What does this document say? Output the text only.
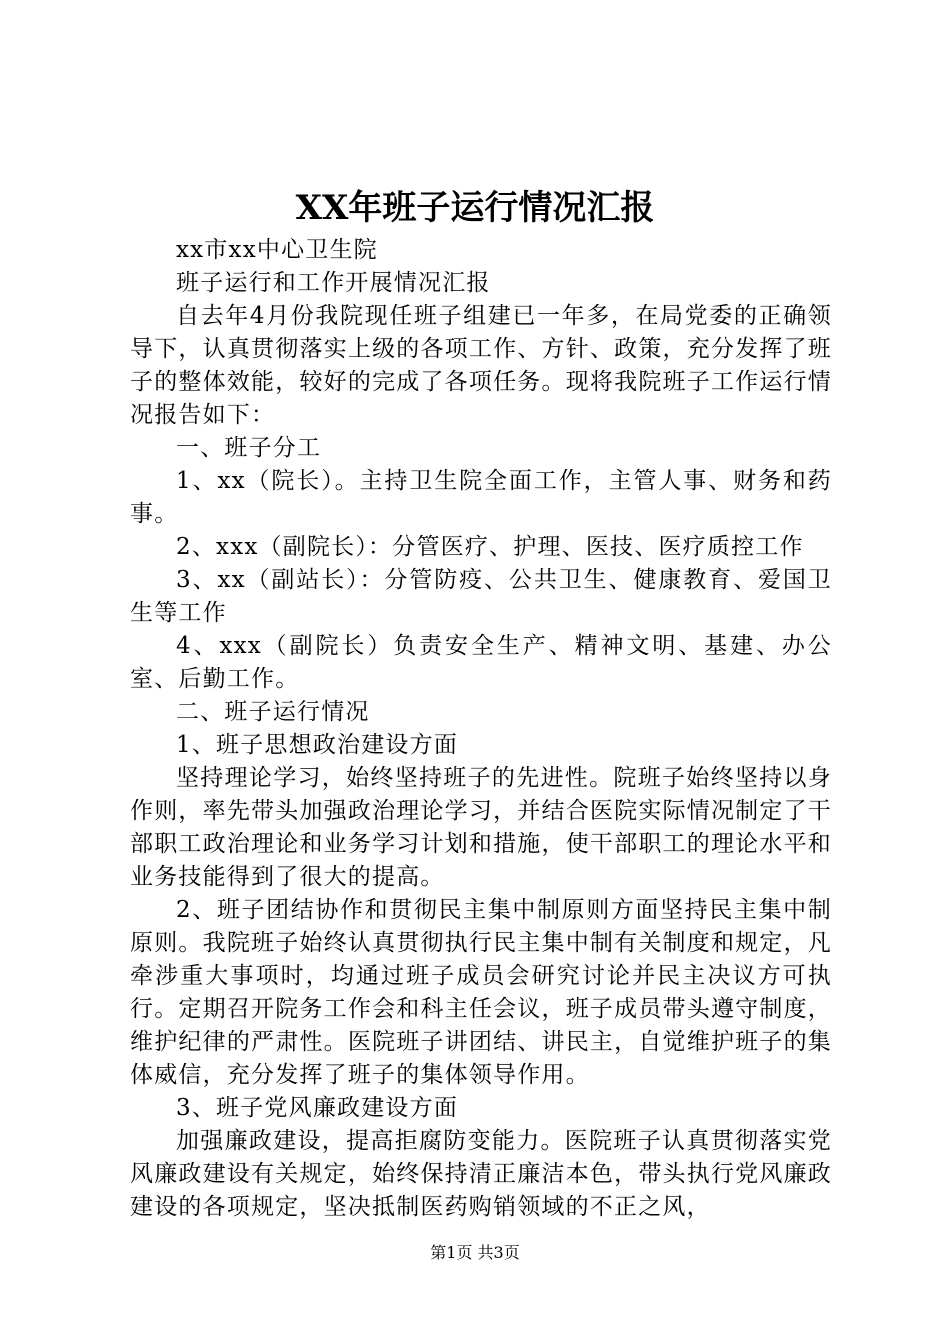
XX年班子运行情况汇报

xx市xx中心卫生院

班子运行和工作开展情况汇报

自去年4月份我院现任班子组建已一年多，在局党委的正确领导下，认真贯彻落实上级的各项工作、方针、政策，充分发挥了班子的整体效能，较好的完成了各项任务。现将我院班子工作运行情况报告如下：

一、班子分工

1、xx（院长）。主持卫生院全面工作，主管人事、财务和药事。

2、xxx（副院长）：分管医疗、护理、医技、医疗质控工作

3、xx（副站长）：分管防疫、公共卫生、健康教育、爱国卫生等工作

4、xxx（副院长）负责安全生产、精神文明、基建、办公室、后勤工作。

二、班子运行情况

1、班子思想政治建设方面

坚持理论学习，始终坚持班子的先进性。院班子始终坚持以身作则，率先带头加强政治理论学习，并结合医院实际情况制定了干部职工政治理论和业务学习计划和措施，使干部职工的理论水平和业务技能得到了很大的提高。

2、班子团结协作和贯彻民主集中制原则方面坚持民主集中制原则。我院班子始终认真贯彻执行民主集中制有关制度和规定，凡牵涉重大事项时，均通过班子成员会研究讨论并民主决议方可执行。定期召开院务工作会和科主任会议，班子成员带头遵守制度，维护纪律的严肃性。医院班子讲团结、讲民主，自觉维护班子的集体威信，充分发挥了班子的集体领导作用。

3、班子党风廉政建设方面

加强廉政建设，提高拒腐防变能力。医院班子认真贯彻落实党风廉政建设有关规定，始终保持清正廉洁本色，带头执行党风廉政建设的各项规定，坚决抵制医药购销领域的不正之风，

第1页 共3页
